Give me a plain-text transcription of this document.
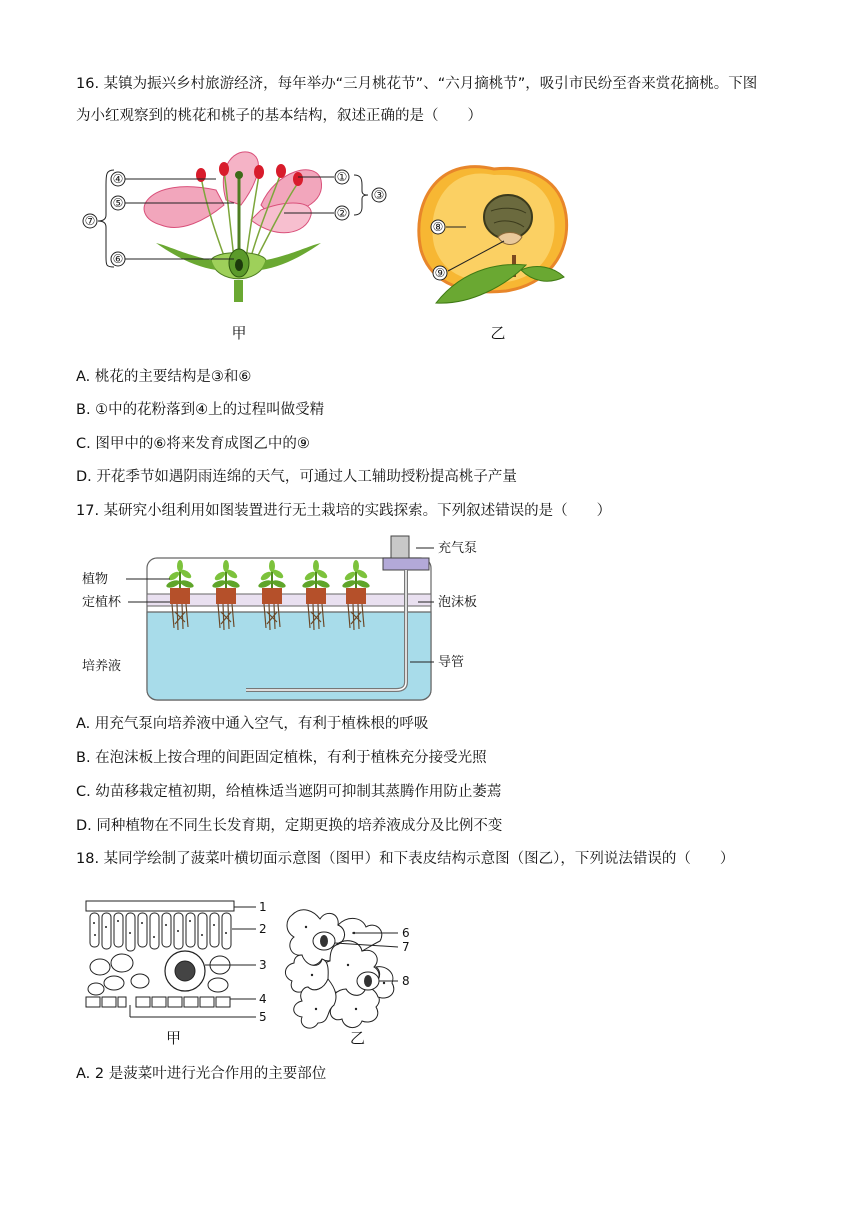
16. 某镇为振兴乡村旅游经济，每年举办“三月桃花节”、“六月摘桃节”，吸引市民纷至沓来赏花摘桃。下图
为小红观察到的桃花和桃子的基本结构，叙述正确的是（　　）
④
⑤
⑥
⑦
①
②
③
⑧
⑨
甲	乙
A. 桃花的主要结构是③和⑥
B. ①中的花粉落到④上的过程叫做受精
C. 图甲中的⑥将来发育成图乙中的⑨
D. 开花季节如遇阴雨连绵的天气，可通过人工辅助授粉提高桃子产量
17. 某研究小组利用如图装置进行无土栽培的实践探索。下列叙述错误的是（　　）
植物
定植杯
培养液
充气泵
泡沫板
导管
A. 用充气泵向培养液中通入空气，有利于植株根的呼吸
B. 在泡沫板上按合理的间距固定植株，有利于植株充分接受光照
C. 幼苗移栽定植初期，给植株适当遮阴可抑制其蒸腾作用防止萎蔫
D. 同种植物在不同生长发育期，定期更换的培养液成分及比例不变
18. 某同学绘制了菠菜叶横切面示意图（图甲）和下表皮结构示意图（图乙），下列说法错误的（　　）
1
2
3
4
5
6
7
8
甲	乙
A. 2 是菠菜叶进行光合作用的主要部位
